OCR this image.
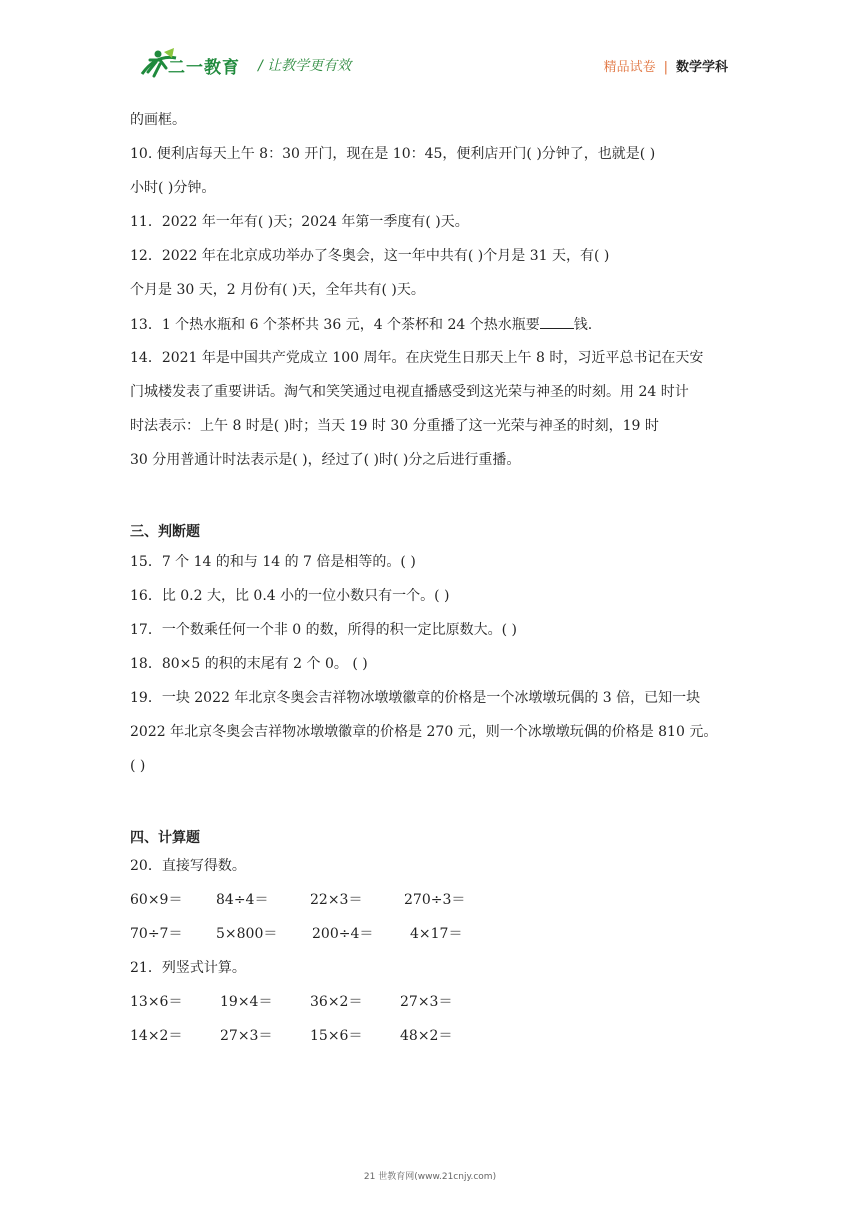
二一教育 / 让教学更有效	精品试卷 | 数学学科
的画框。
10. 便利店每天上午 8：30 开门，现在是 10：45，便利店开门( )分钟了，也就是( )
小时( )分钟。
11．2022 年一年有( )天；2024 年第一季度有( )天。
12．2022 年在北京成功举办了冬奥会，这一年中共有( )个月是 31 天，有( )
个月是 30 天，2 月份有( )天，全年共有( )天。
13．1 个热水瓶和 6 个茶杯共 36 元，4 个茶杯和 24 个热水瓶要 钱.
14．2021 年是中国共产党成立 100 周年。在庆党生日那天上午 8 时，习近平总书记在天安
门城楼发表了重要讲话。淘气和笑笑通过电视直播感受到这光荣与神圣的时刻。用 24 时计
时法表示：上午 8 时是( )时；当天 19 时 30 分重播了这一光荣与神圣的时刻，19 时
30 分用普通计时法表示是( )，经过了( )时( )分之后进行重播。
三、判断题
15．7 个 14 的和与 14 的 7 倍是相等的。( )
16．比 0.2 大，比 0.4 小的一位小数只有一个。( )
17．一个数乘任何一个非 0 的数，所得的积一定比原数大。( )
18．80×5 的积的末尾有 2 个 0。 ( )
19．一块 2022 年北京冬奥会吉祥物冰墩墩徽章的价格是一个冰墩墩玩偶的 3 倍，已知一块
2022 年北京冬奥会吉祥物冰墩墩徽章的价格是 270 元，则一个冰墩墩玩偶的价格是 810 元。
( )
四、计算题
20．直接写得数。
60×9＝ 84÷4＝	22×3＝	270÷3＝
70÷7＝ 5×800＝ 200÷4＝	4×17＝
21．列竖式计算。
13×6＝	19×4＝	36×2＝	27×3＝
14×2＝	27×3＝	15×6＝	48×2＝
21 世教育网(www.21cnjy.com)
